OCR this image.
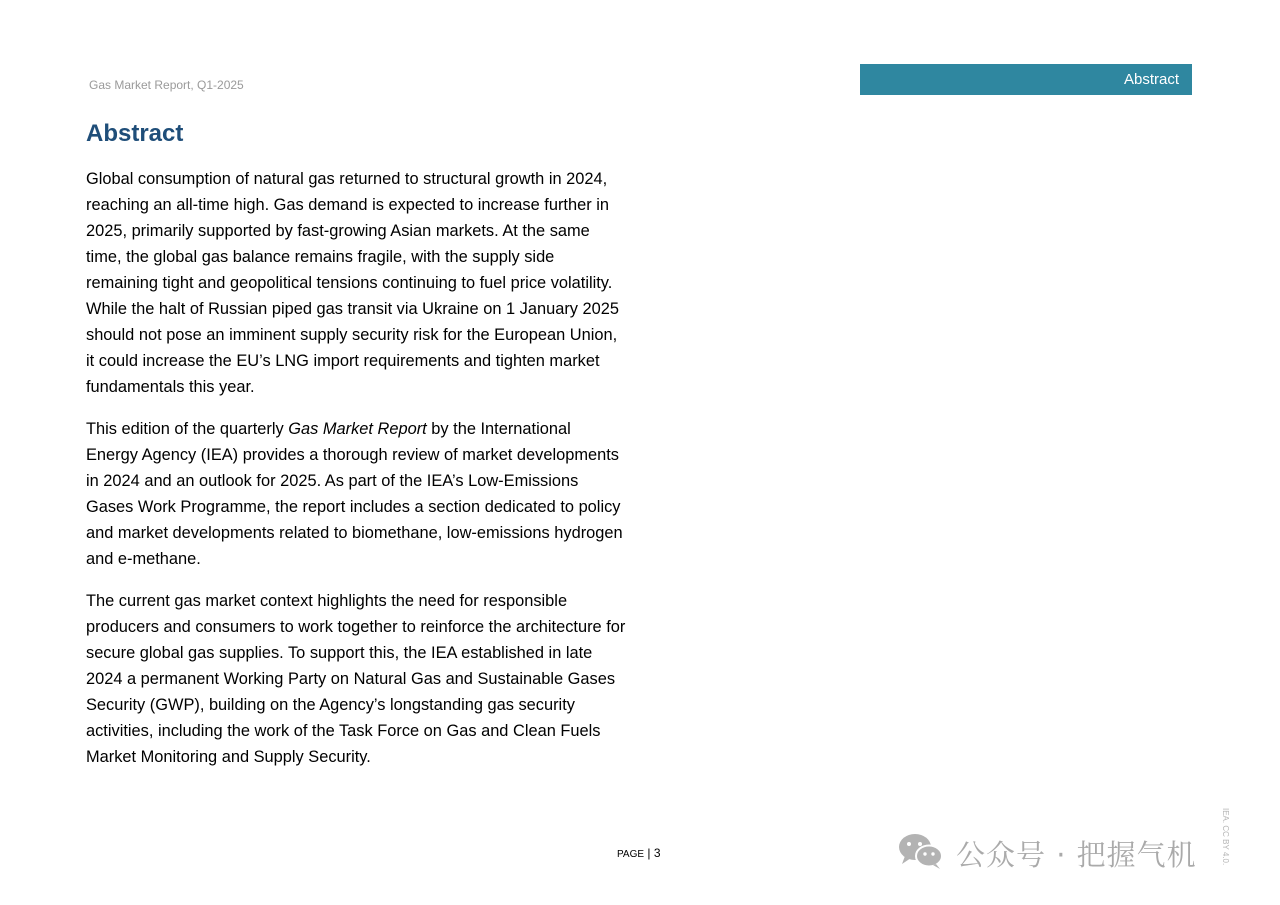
Gas Market Report, Q1-2025	Abstract
Abstract

Global consumption of natural gas returned to structural growth in 2024, reaching an all-time high. Gas demand is expected to increase further in 2025, primarily supported by fast-growing Asian markets. At the same time, the global gas balance remains fragile, with the supply side remaining tight and geopolitical tensions continuing to fuel price volatility. While the halt of Russian piped gas transit via Ukraine on 1 January 2025 should not pose an imminent supply security risk for the European Union, it could increase the EU’s LNG import requirements and tighten market fundamentals this year.

This edition of the quarterly Gas Market Report by the International Energy Agency (IEA) provides a thorough review of market developments in 2024 and an outlook for 2025. As part of the IEA’s Low-Emissions Gases Work Programme, the report includes a section dedicated to policy and market developments related to biomethane, low-emissions hydrogen and e-methane.

The current gas market context highlights the need for responsible producers and consumers to work together to reinforce the architecture for secure global gas supplies. To support this, the IEA established in late 2024 a permanent Working Party on Natural Gas and Sustainable Gases Security (GWP), building on the Agency’s longstanding gas security activities, including the work of the Task Force on Gas and Clean Fuels Market Monitoring and Supply Security.

PAGE | 3	IEA. CC BY 4.0.
公众号 · 把握气机
